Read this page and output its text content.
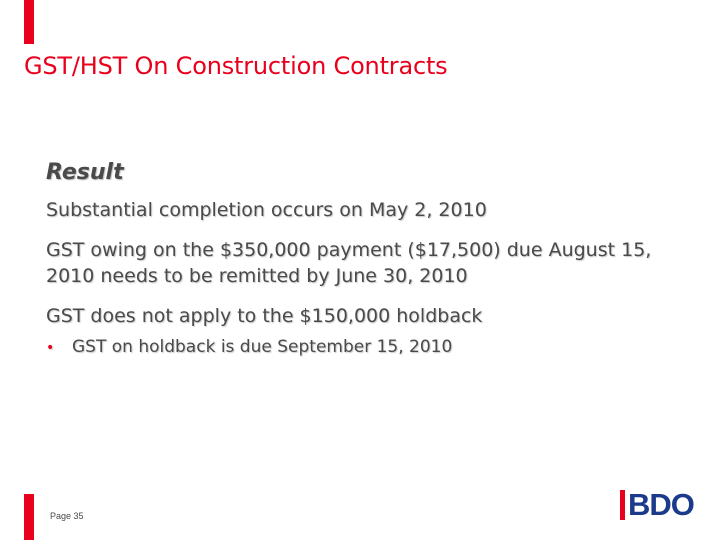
GST/HST On Construction Contracts
Result
Substantial completion occurs on May 2, 2010
GST owing on the $350,000 payment ($17,500) due August 15, 2010 needs to be remitted by June 30, 2010
GST does not apply to the $150,000 holdback
•	GST on holdback is due September 15, 2010
Page 35	BDO
